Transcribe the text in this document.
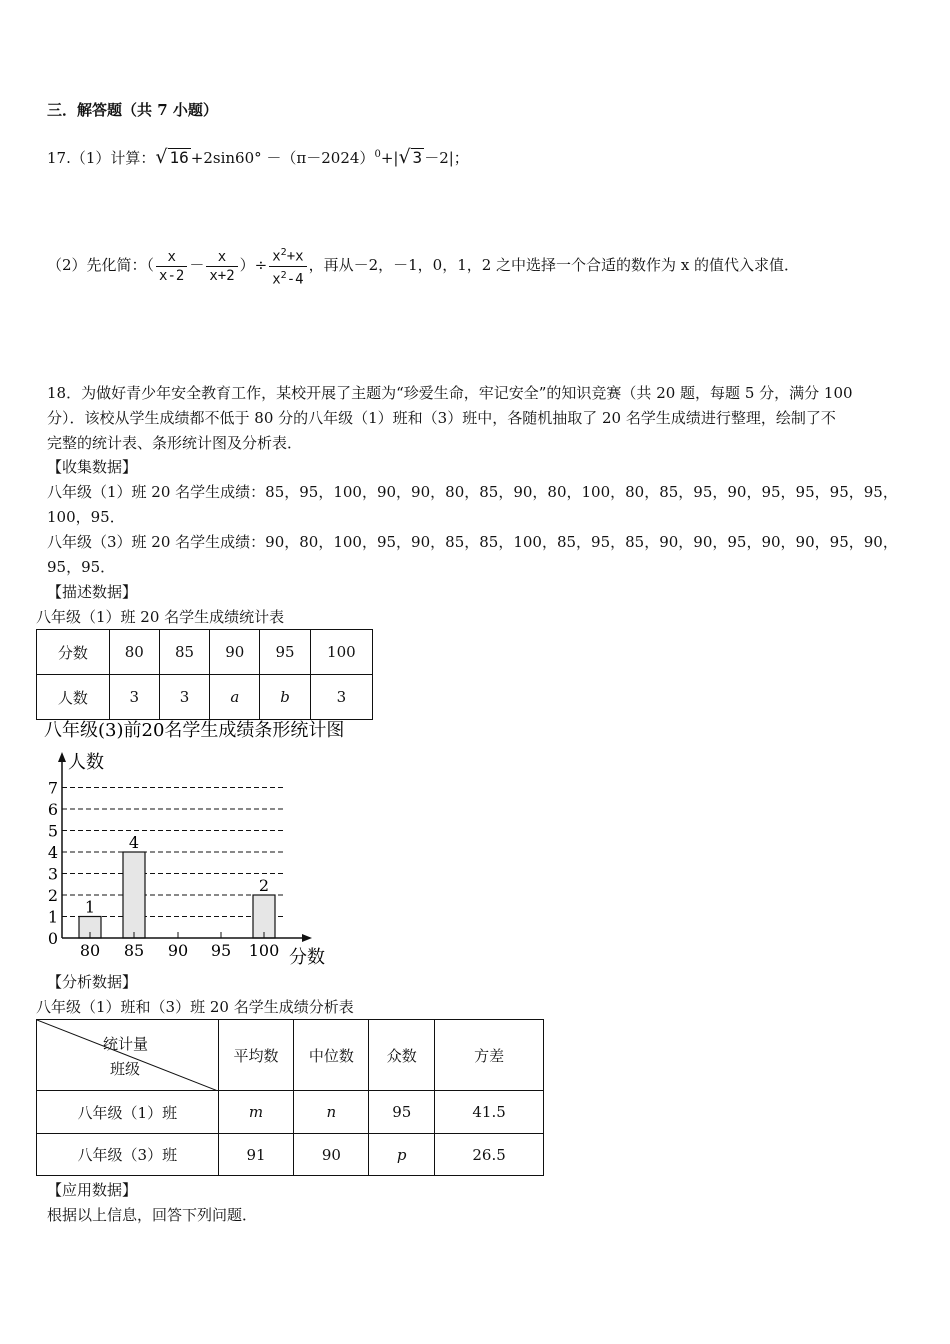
三．解答题（共 7 小题）
17.（1）计算：√ $16 +2\sin 60^\circ -(\pi-2024)^0+|√$ 3 －2|；
（2）先化简：（ $\frac{x}{x-2} - \frac{x}{x+2}$ ）÷ $\frac{x^2+x}{x^2-4}$ ，再从－2，－1，0，1，2 之中选择一个合适的数作为 x 的值代入求值．
18．为做好青少年安全教育工作，某校开展了主题为“珍爱生命，牢记安全”的知识竞赛（共 20 题，每题 5 分，满分 100
分）．该校从学生成绩都不低于 80 分的八年级（1）班和（3）班中，各随机抽取了 20 名学生成绩进行整理，绘制了不
完整的统计表、条形统计图及分析表．
【收集数据】
八年级（1）班 20 名学生成绩：85，95，100，90，90，80，85，90，80，100，80，85，95，90，95，95，95，95，
100，95．
八年级（3）班 20 名学生成绩：90，80，100，95，90，85，85，100，85，95，85，90，90，95，90，90，95，90，
95，95．
【描述数据】
八年级（1）班 20 名学生成绩统计表
分数	80	85	90	95	100
人数	3	3	a	b	3
八年级(3)前20名学生成绩条形统计图
人数
分数
0
1
2
3
4
5
6
7
1
80
4
85 90 95
2
100
【分析数据】
八年级（1）班和（3）班 20 名学生成绩分析表
统计量
班级	平均数	中位数	众数	方差
八年级（1）班	m	n	95	41.5
八年级（3）班	91	90	p	26.5
【应用数据】
根据以上信息，回答下列问题．
